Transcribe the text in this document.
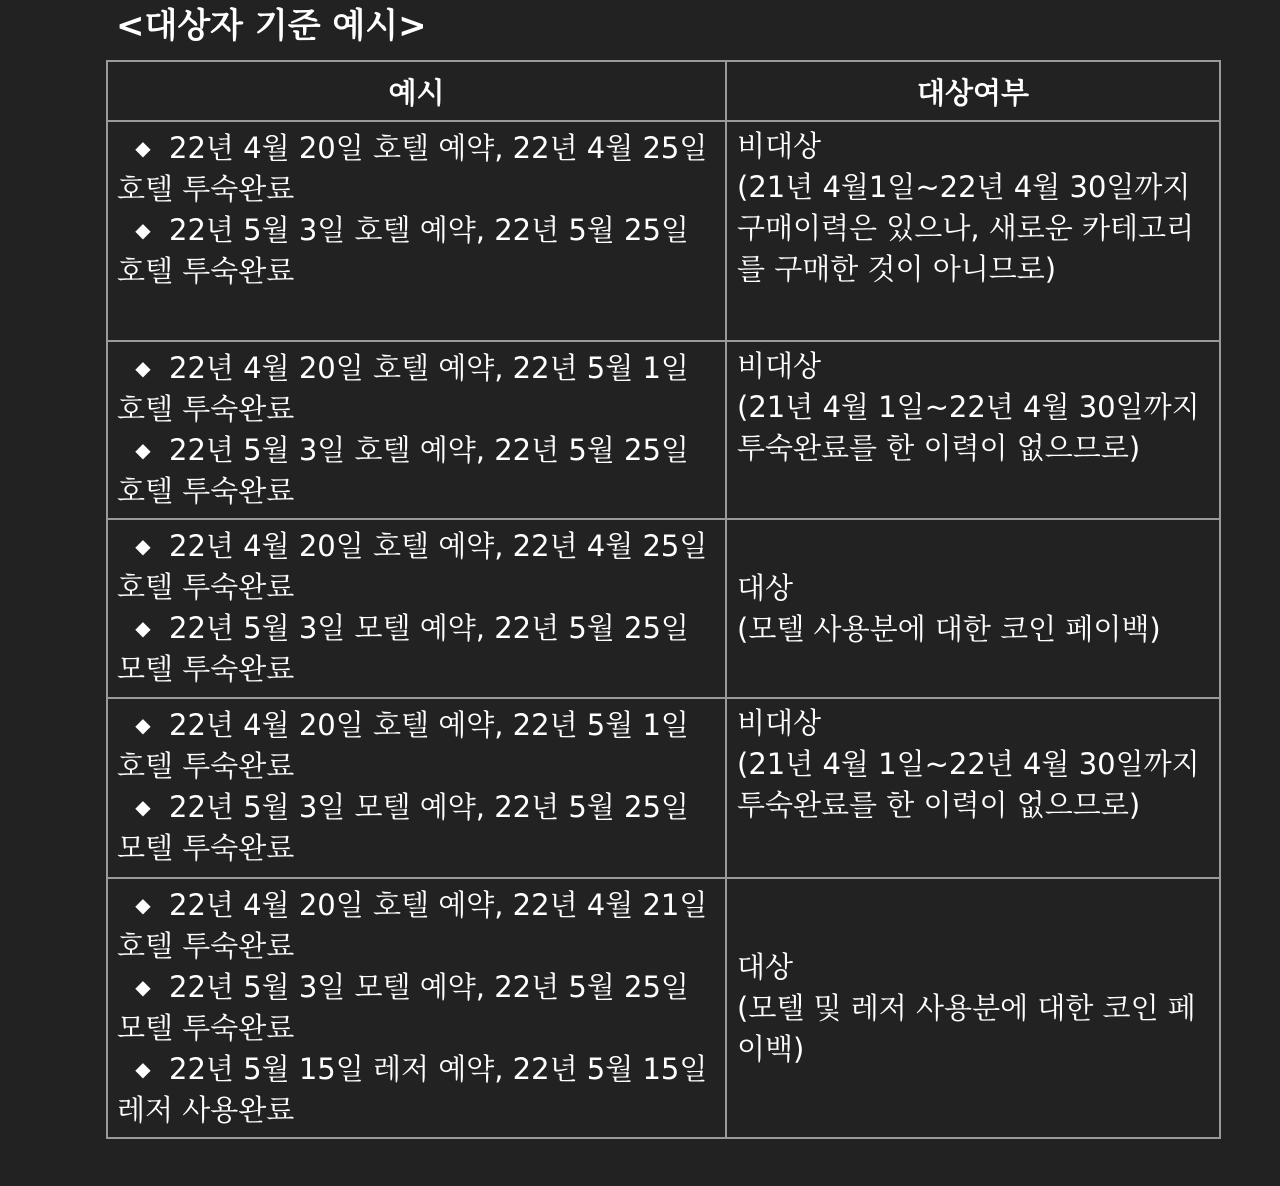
<대상자 기준 예시>
예시	대상여부

◆ 22년 4월 20일 호텔 예약, 22년 4월 25일 호텔 투숙완료
◆ 22년 5월 3일 호텔 예약, 22년 5월 25일 호텔 투숙완료	비대상
(21년 4월1일~22년 4월 30일까지 구매이력은 있으나, 새로운 카테고리를 구매한 것이 아니므로)

◆ 22년 4월 20일 호텔 예약, 22년 5월 1일 호텔 투숙완료
◆ 22년 5월 3일 호텔 예약, 22년 5월 25일 호텔 투숙완료	비대상
(21년 4월 1일~22년 4월 30일까지 투숙완료를 한 이력이 없으므로)

◆ 22년 4월 20일 호텔 예약, 22년 4월 25일 호텔 투숙완료
◆ 22년 5월 3일 모텔 예약, 22년 5월 25일 모텔 투숙완료	대상
(모텔 사용분에 대한 코인 페이백)

◆ 22년 4월 20일 호텔 예약, 22년 5월 1일 호텔 투숙완료
◆ 22년 5월 3일 모텔 예약, 22년 5월 25일 모텔 투숙완료	비대상
(21년 4월 1일~22년 4월 30일까지 투숙완료를 한 이력이 없으므로)

◆ 22년 4월 20일 호텔 예약, 22년 4월 21일 호텔 투숙완료
◆ 22년 5월 3일 모텔 예약, 22년 5월 25일 모텔 투숙완료
◆ 22년 5월 15일 레저 예약, 22년 5월 15일 레저 사용완료	대상
(모텔 및 레저 사용분에 대한 코인 페이백)
